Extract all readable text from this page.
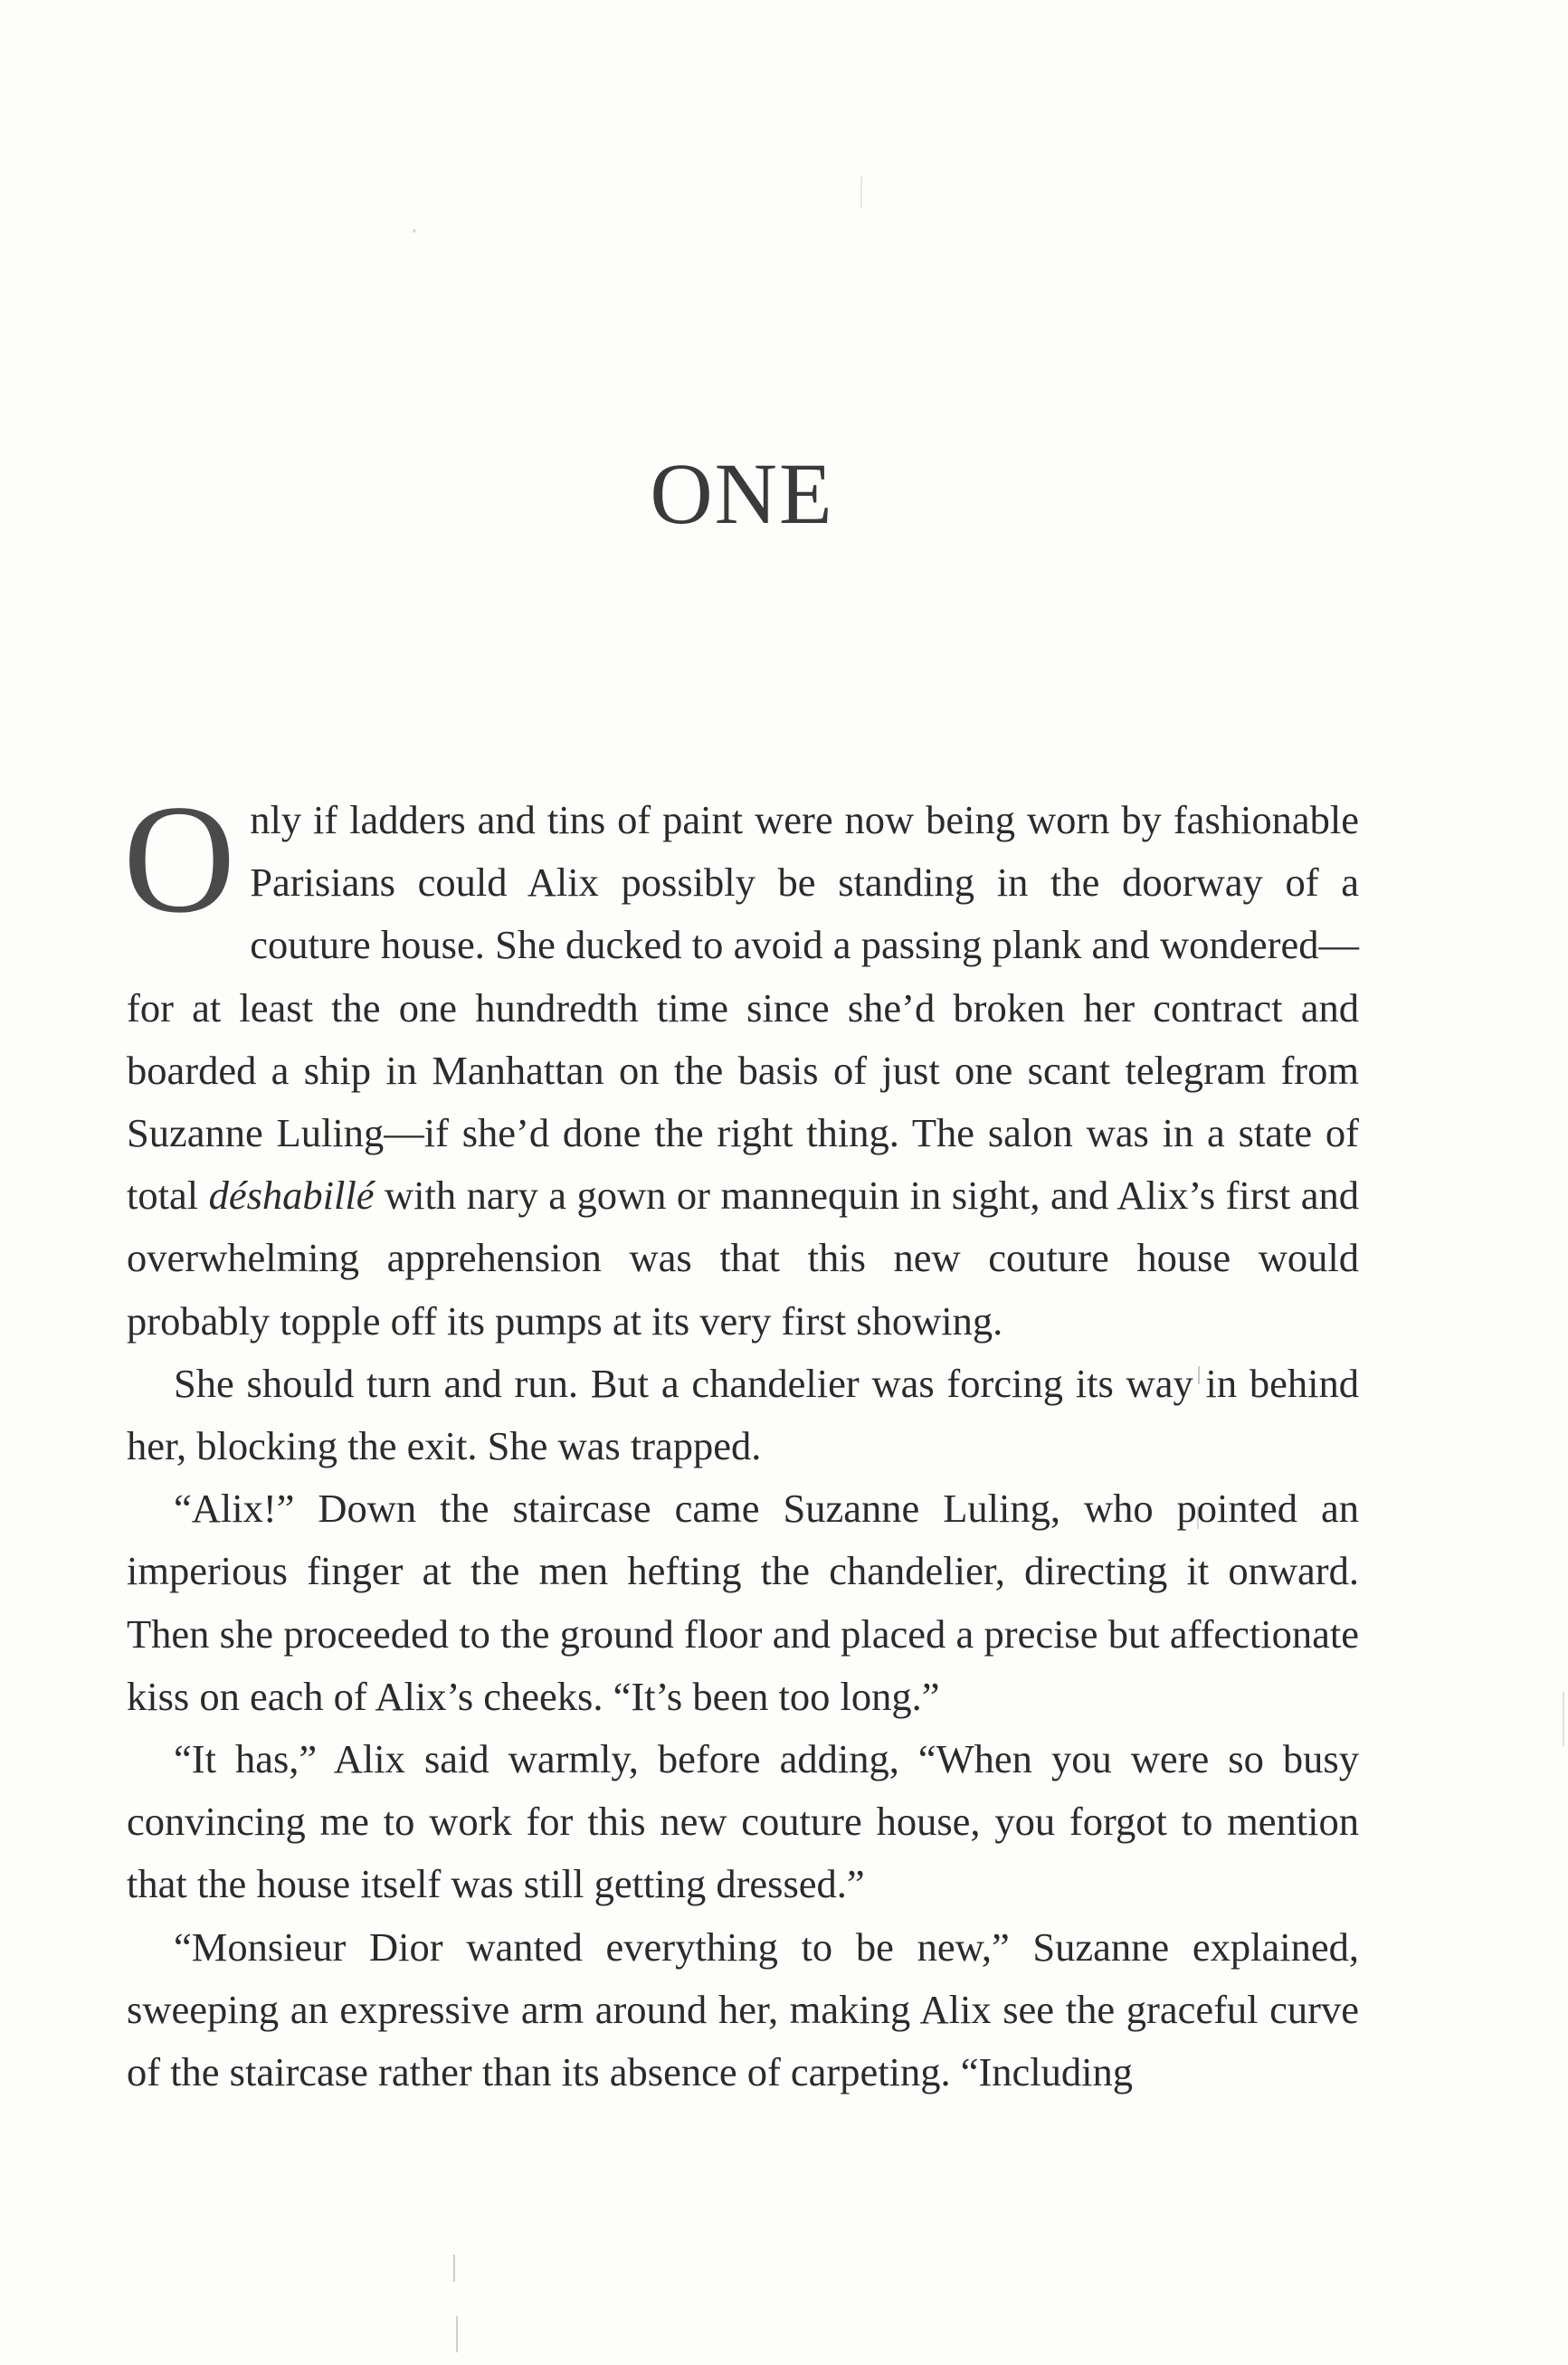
ONE

Only if ladders and tins of paint were now being worn by fashionable Parisians could Alix possibly be standing in the doorway of a couture house. She ducked to avoid a passing plank and wondered—for at least the one hundredth time since she’d broken her contract and boarded a ship in Manhattan on the basis of just one scant telegram from Suzanne Luling—if she’d done the right thing. The salon was in a state of total déshabillé with nary a gown or mannequin in sight, and Alix’s first and overwhelming apprehension was that this new couture house would probably topple off its pumps at its very first showing.

She should turn and run. But a chandelier was forcing its way in behind her, blocking the exit. She was trapped.

“Alix!” Down the staircase came Suzanne Luling, who pointed an imperious finger at the men hefting the chandelier, directing it onward. Then she proceeded to the ground floor and placed a precise but affectionate kiss on each of Alix’s cheeks. “It’s been too long.”

“It has,” Alix said warmly, before adding, “When you were so busy convincing me to work for this new couture house, you forgot to mention that the house itself was still getting dressed.”

“Monsieur Dior wanted everything to be new,” Suzanne explained, sweeping an expressive arm around her, making Alix see the graceful curve of the staircase rather than its absence of carpeting. “Including
